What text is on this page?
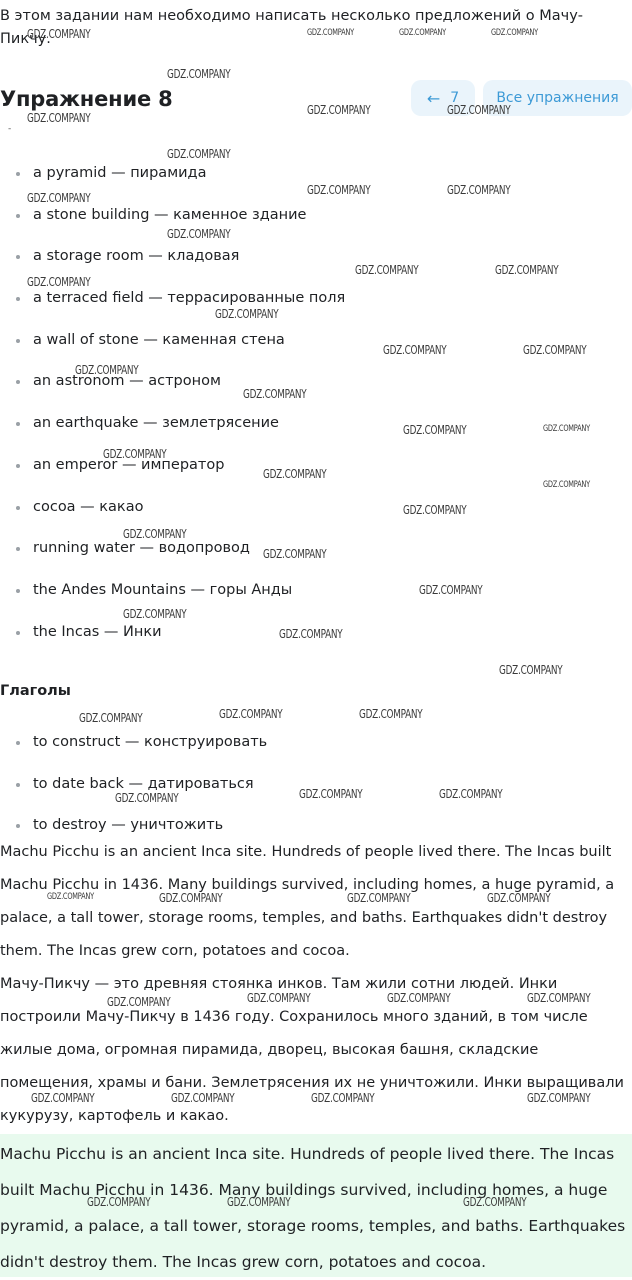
В этом задании нам необходимо написать несколько предложений о Мачу-Пикчу.

Упражнение 8	← 7	Все упражнения
-
a pyramid — пирамида
a stone building — каменное здание
a storage room — кладовая
a terraced field — террасированные поля
a wall of stone — каменная стена
an astronom — астроном
an earthquake — землетрясение
an emperor — император
cocoa — какао
running water — водопровод
the Andes Mountains — горы Анды
the Incas — Инки
Глаголы
to construct — конструировать
to date back — датироваться
to destroy — уничтожить

Machu Picchu is an ancient Inca site. Hundreds of people lived there. The Incas built Machu Picchu in 1436. Many buildings survived, including homes, a huge pyramid, a palace, a tall tower, storage rooms, temples, and baths. Earthquakes didn't destroy them. The Incas grew corn, potatoes and cocoa.

Мачу-Пикчу — это древняя стоянка инков. Там жили сотни людей. Инки построили Мачу-Пикчу в 1436 году. Сохранилось много зданий, в том числе жилые дома, огромная пирамида, дворец, высокая башня, складские помещения, храмы и бани. Землетрясения их не уничтожили. Инки выращивали кукурузу, картофель и какао.

Machu Picchu is an ancient Inca site. Hundreds of people lived there. The Incas built Machu Picchu in 1436. Many buildings survived, including homes, a huge pyramid, a palace, a tall tower, storage rooms, temples, and baths. Earthquakes didn't destroy them. The Incas grew corn, potatoes and cocoa.

GDZ.COMPANY	GDZ.COMPANY	GDZ.COMPANY	GDZ.COMPANY
GDZ.COMPANY
GDZ.COMPANY
GDZ.COMPANY	GDZ.COMPANY
GDZ.COMPANY
GDZ.COMPANY
GDZ.COMPANY	GDZ.COMPANY
GDZ.COMPANY
GDZ.COMPANY	GDZ.COMPANY
GDZ.COMPANY
GDZ.COMPANY
GDZ.COMPANY	GDZ.COMPANY
GDZ.COMPANY
GDZ.COMPANY
GDZ.COMPANY	GDZ.COMPANY
GDZ.COMPANY
GDZ.COMPANY
GDZ.COMPANY
GDZ.COMPANY
GDZ.COMPANY
GDZ.COMPANY
GDZ.COMPANY
GDZ.COMPANY
GDZ.COMPANY
GDZ.COMPANY
GDZ.COMPANY	GDZ.COMPANY	GDZ.COMPANY
GDZ.COMPANY	GDZ.COMPANY	GDZ.COMPANY
GDZ.COMPANY	GDZ.COMPANY	GDZ.COMPANY	GDZ.COMPANY
GDZ.COMPANY	GDZ.COMPANY	GDZ.COMPANY	GDZ.COMPANY
GDZ.COMPANY	GDZ.COMPANY	GDZ.COMPANY	GDZ.COMPANY
GDZ.COMPANY	GDZ.COMPANY	GDZ.COMPANY
